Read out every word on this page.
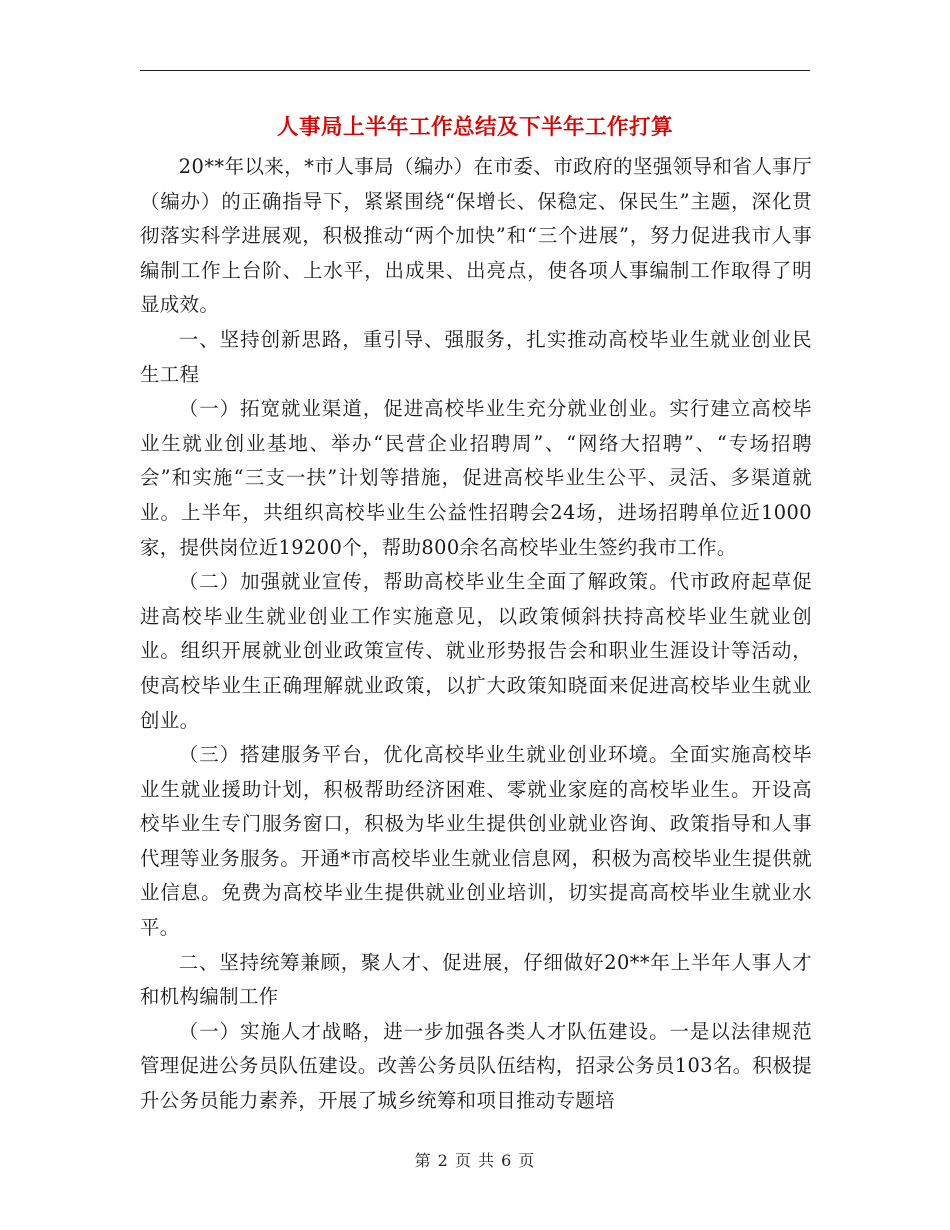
人事局上半年工作总结及下半年工作打算

20**年以来，*市人事局（编办）在市委、市政府的坚强领导和省人事厅（编办）的正确指导下，紧紧围绕“保增长、保稳定、保民生”主题，深化贯彻落实科学进展观，积极推动“两个加快”和“三个进展”，努力促进我市人事编制工作上台阶、上水平，出成果、出亮点，使各项人事编制工作取得了明显成效。

一、坚持创新思路，重引导、强服务，扎实推动高校毕业生就业创业民生工程

（一）拓宽就业渠道，促进高校毕业生充分就业创业。实行建立高校毕业生就业创业基地、举办“民营企业招聘周”、“网络大招聘”、“专场招聘会”和实施“三支一扶”计划等措施，促进高校毕业生公平、灵活、多渠道就业。上半年，共组织高校毕业生公益性招聘会24场，进场招聘单位近1000家，提供岗位近19200个，帮助800余名高校毕业生签约我市工作。

（二）加强就业宣传，帮助高校毕业生全面了解政策。代市政府起草促进高校毕业生就业创业工作实施意见，以政策倾斜扶持高校毕业生就业创业。组织开展就业创业政策宣传、就业形势报告会和职业生涯设计等活动，使高校毕业生正确理解就业政策，以扩大政策知晓面来促进高校毕业生就业创业。

（三）搭建服务平台，优化高校毕业生就业创业环境。全面实施高校毕业生就业援助计划，积极帮助经济困难、零就业家庭的高校毕业生。开设高校毕业生专门服务窗口，积极为毕业生提供创业就业咨询、政策指导和人事代理等业务服务。开通*市高校毕业生就业信息网，积极为高校毕业生提供就业信息。免费为高校毕业生提供就业创业培训，切实提高高校毕业生就业水平。

二、坚持统筹兼顾，聚人才、促进展，仔细做好20**年上半年人事人才和机构编制工作

（一）实施人才战略，进一步加强各类人才队伍建设。一是以法律规范管理促进公务员队伍建设。改善公务员队伍结构，招录公务员103名。积极提升公务员能力素养，开展了城乡统筹和项目推动专题培

第 2 页 共 6 页
